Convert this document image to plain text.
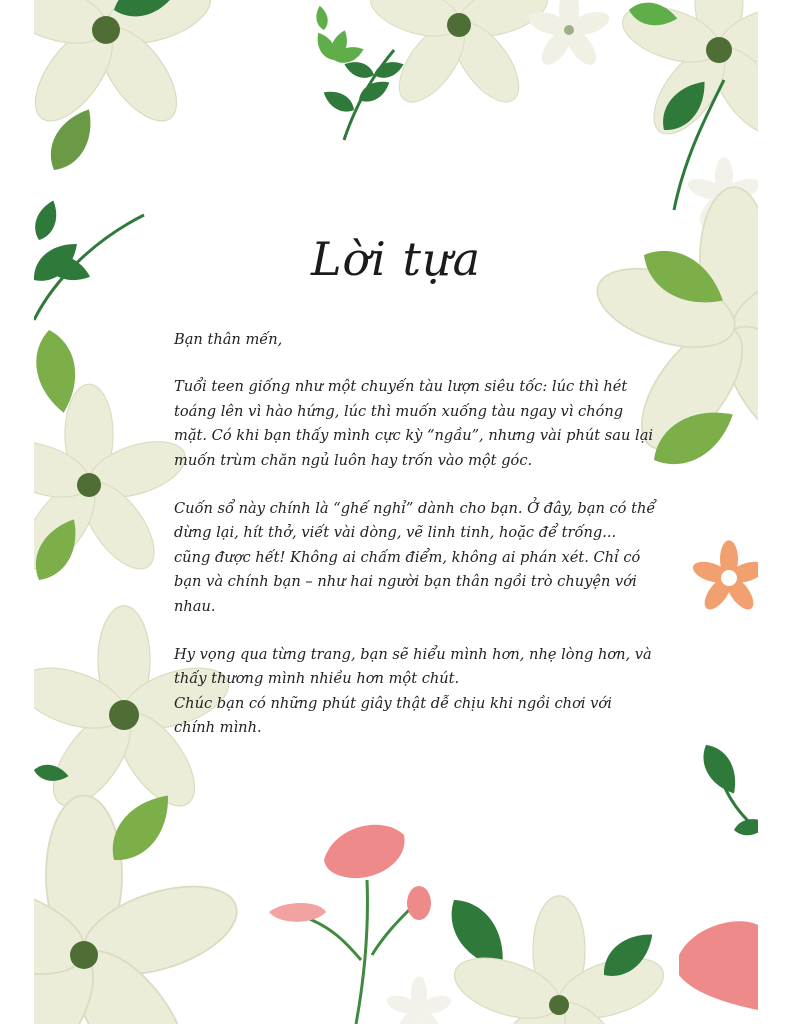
Lời tựa

Bạn thân mến,

Tuổi teen giống như một chuyến tàu lượn siêu tốc: lúc thì hét toáng lên vì hào hứng, lúc thì muốn xuống tàu ngay vì chóng mặt. Có khi bạn thấy mình cực kỳ “ngầu”, nhưng vài phút sau lại muốn trùm chăn ngủ luôn hay trốn vào một góc.

Cuốn sổ này chính là “ghế nghỉ” dành cho bạn. Ở đây, bạn có thể dừng lại, hít thở, viết vài dòng, vẽ linh tinh, hoặc để trống... cũng được hết! Không ai chấm điểm, không ai phán xét. Chỉ có bạn và chính bạn – như hai người bạn thân ngồi trò chuyện với nhau.

Hy vọng qua từng trang, bạn sẽ hiểu mình hơn, nhẹ lòng hơn, và thấy thương mình nhiều hơn một chút.

Chúc bạn có những phút giây thật dễ chịu khi ngồi chơi với chính mình.
